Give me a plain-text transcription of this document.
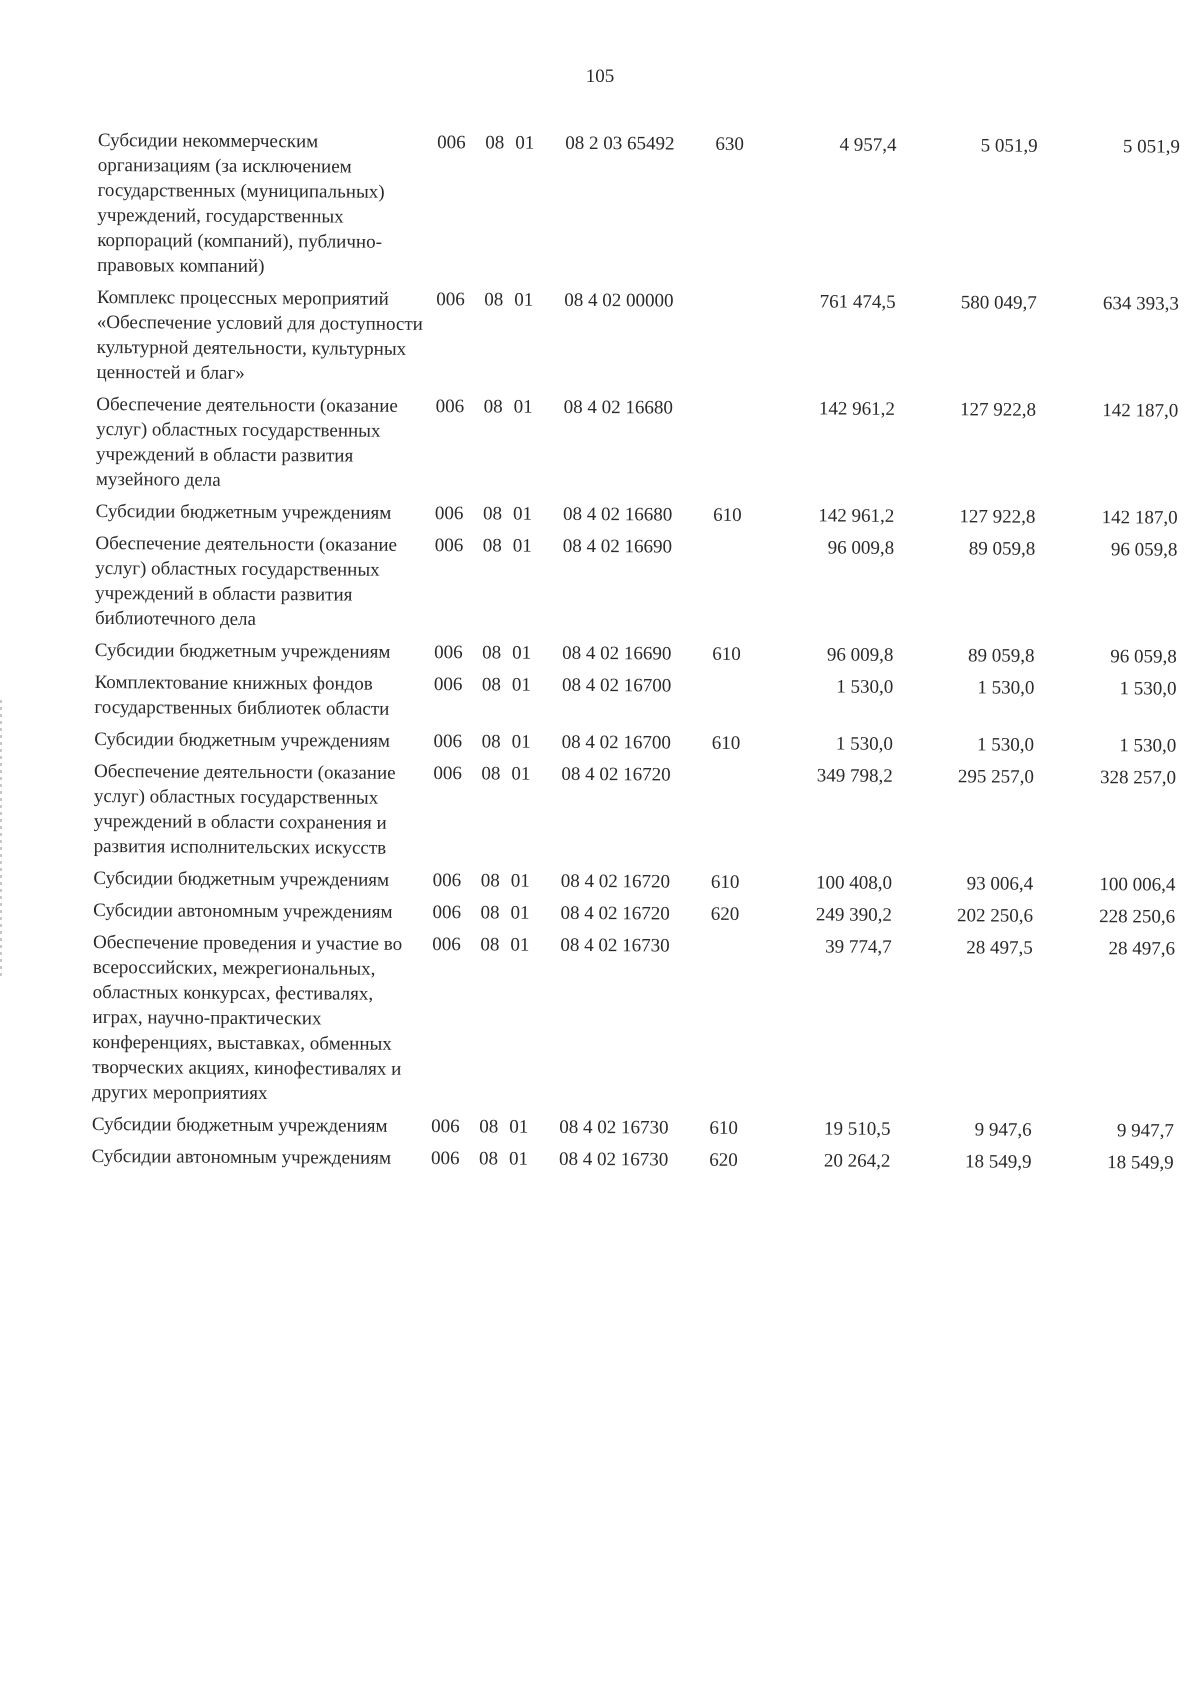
105
Субсидии некоммерческим организациям (за исключением государственных (муниципальных) учреждений, государственных корпораций (компаний), публично-правовых компаний)	006	08	01	08 2 03 65492	630	4 957,4	5 051,9	5 051,9
Комплекс процессных мероприятий «Обеспечение условий для доступности культурной деятельности, культурных ценностей и благ»	006	08	01	08 4 02 00000		761 474,5	580 049,7	634 393,3
Обеспечение деятельности (оказание услуг) областных государственных учреждений в области развития музейного дела	006	08	01	08 4 02 16680		142 961,2	127 922,8	142 187,0
Субсидии бюджетным учреждениям	006	08	01	08 4 02 16680	610	142 961,2	127 922,8	142 187,0
Обеспечение деятельности (оказание услуг) областных государственных учреждений в области развития библиотечного дела	006	08	01	08 4 02 16690		96 009,8	89 059,8	96 059,8
Субсидии бюджетным учреждениям	006	08	01	08 4 02 16690	610	96 009,8	89 059,8	96 059,8
Комплектование книжных фондов государственных библиотек области	006	08	01	08 4 02 16700		1 530,0	1 530,0	1 530,0
Субсидии бюджетным учреждениям	006	08	01	08 4 02 16700	610	1 530,0	1 530,0	1 530,0
Обеспечение деятельности (оказание услуг) областных государственных учреждений в области сохранения и развития исполнительских искусств	006	08	01	08 4 02 16720		349 798,2	295 257,0	328 257,0
Субсидии бюджетным учреждениям	006	08	01	08 4 02 16720	610	100 408,0	93 006,4	100 006,4
Субсидии автономным учреждениям	006	08	01	08 4 02 16720	620	249 390,2	202 250,6	228 250,6
Обеспечение проведения и участие во всероссийских, межрегиональных, областных конкурсах, фестивалях, играх, научно-практических конференциях, выставках, обменных творческих акциях, кинофестивалях и других мероприятиях	006	08	01	08 4 02 16730		39 774,7	28 497,5	28 497,6
Субсидии бюджетным учреждениям	006	08	01	08 4 02 16730	610	19 510,5	9 947,6	9 947,7
Субсидии автономным учреждениям	006	08	01	08 4 02 16730	620	20 264,2	18 549,9	18 549,9
